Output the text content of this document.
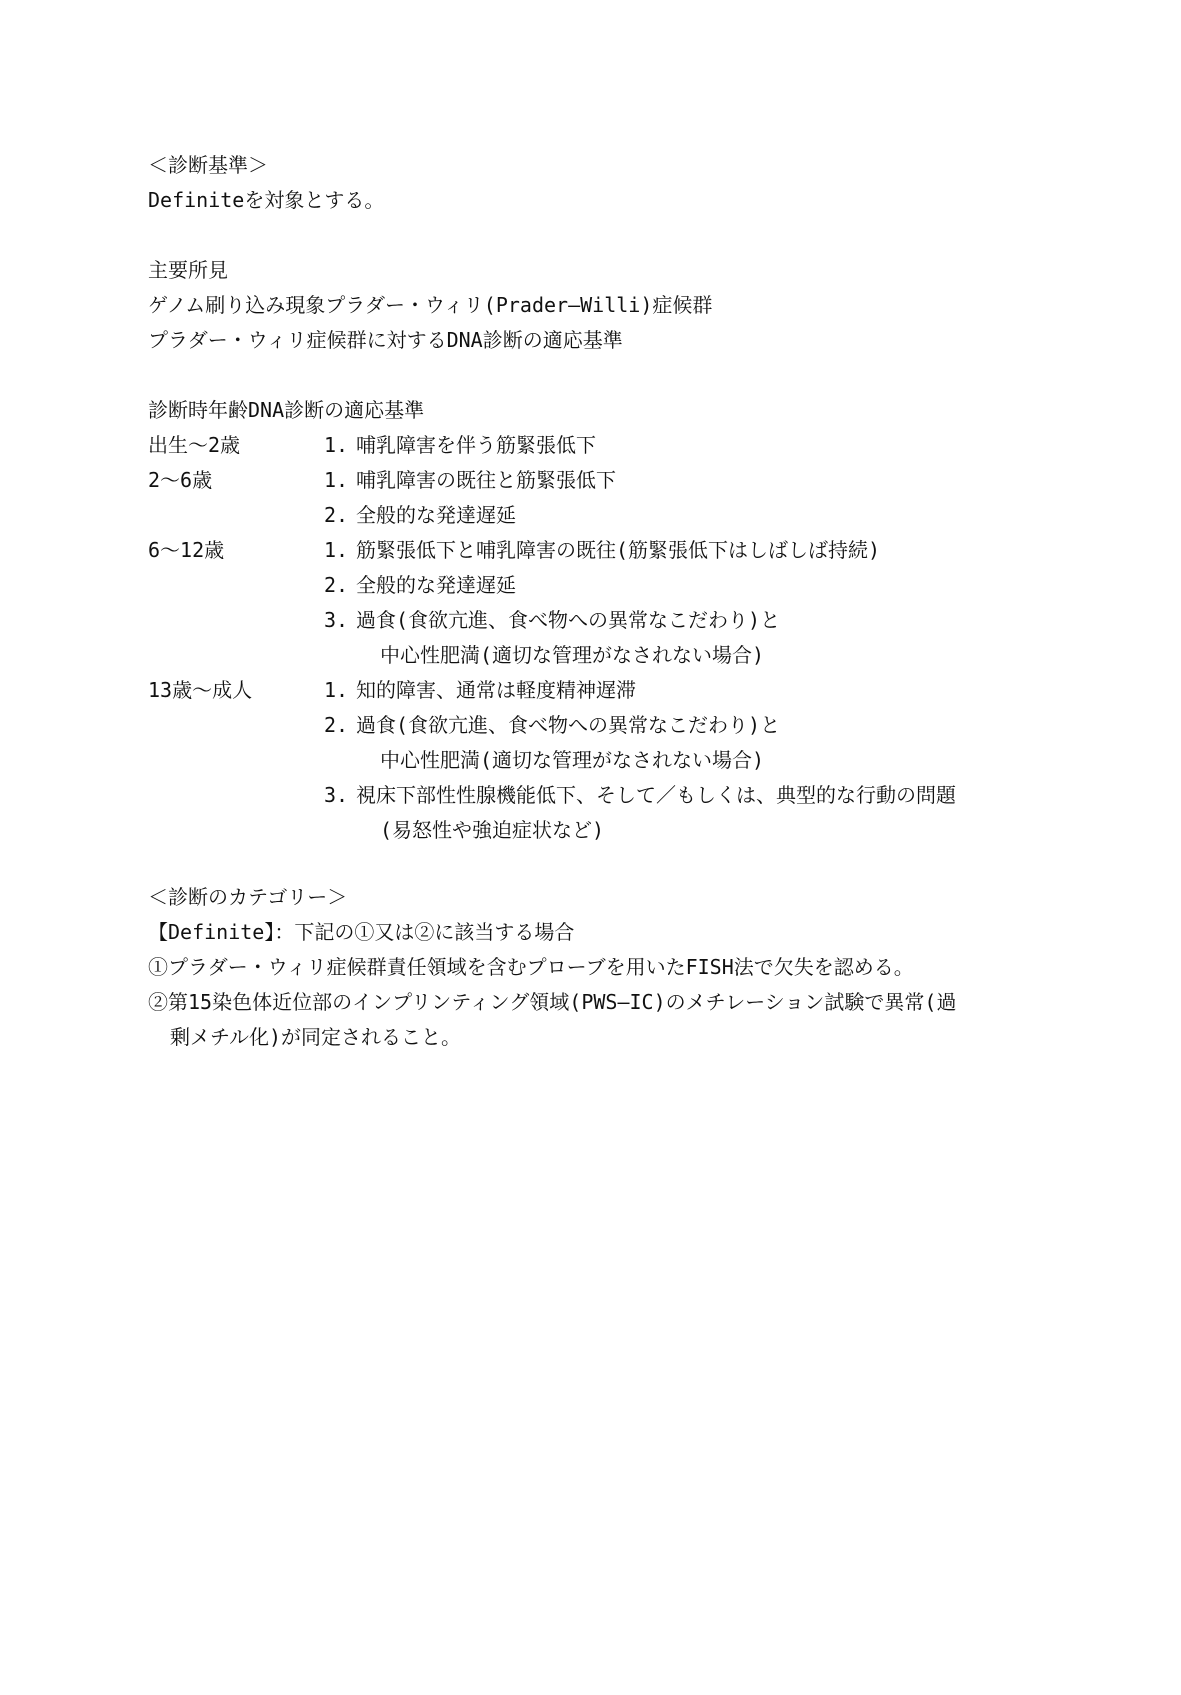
＜診断基準＞
Definiteを対象とする。
主要所見
ゲノム刷り込み現象プラダー・ウィリ(Prader―Willi)症候群
プラダー・ウィリ症候群に対するDNA診断の適応基準
診断時年齢DNA診断の適応基準
出生～2歳	1. 哺乳障害を伴う筋緊張低下
2～6歳	1. 哺乳障害の既往と筋緊張低下
2. 全般的な発達遅延
6～12歳	1. 筋緊張低下と哺乳障害の既往(筋緊張低下はしばしば持続)
2. 全般的な発達遅延
3. 過食(食欲亢進、食べ物への異常なこだわり)と
中心性肥満(適切な管理がなされない場合)
13歳～成人	1. 知的障害、通常は軽度精神遅滞
2. 過食(食欲亢進、食べ物への異常なこだわり)と
中心性肥満(適切な管理がなされない場合)
3. 視床下部性性腺機能低下、そして／もしくは、典型的な行動の問題
(易怒性や強迫症状など)
＜診断のカテゴリー＞
【Definite】：下記の①又は②に該当する場合
①プラダー・ウィリ症候群責任領域を含むプローブを用いたFISH法で欠失を認める。
②第15染色体近位部のインプリンティング領域(PWS―IC)のメチレーション試験で異常(過
剰メチル化)が同定されること。
